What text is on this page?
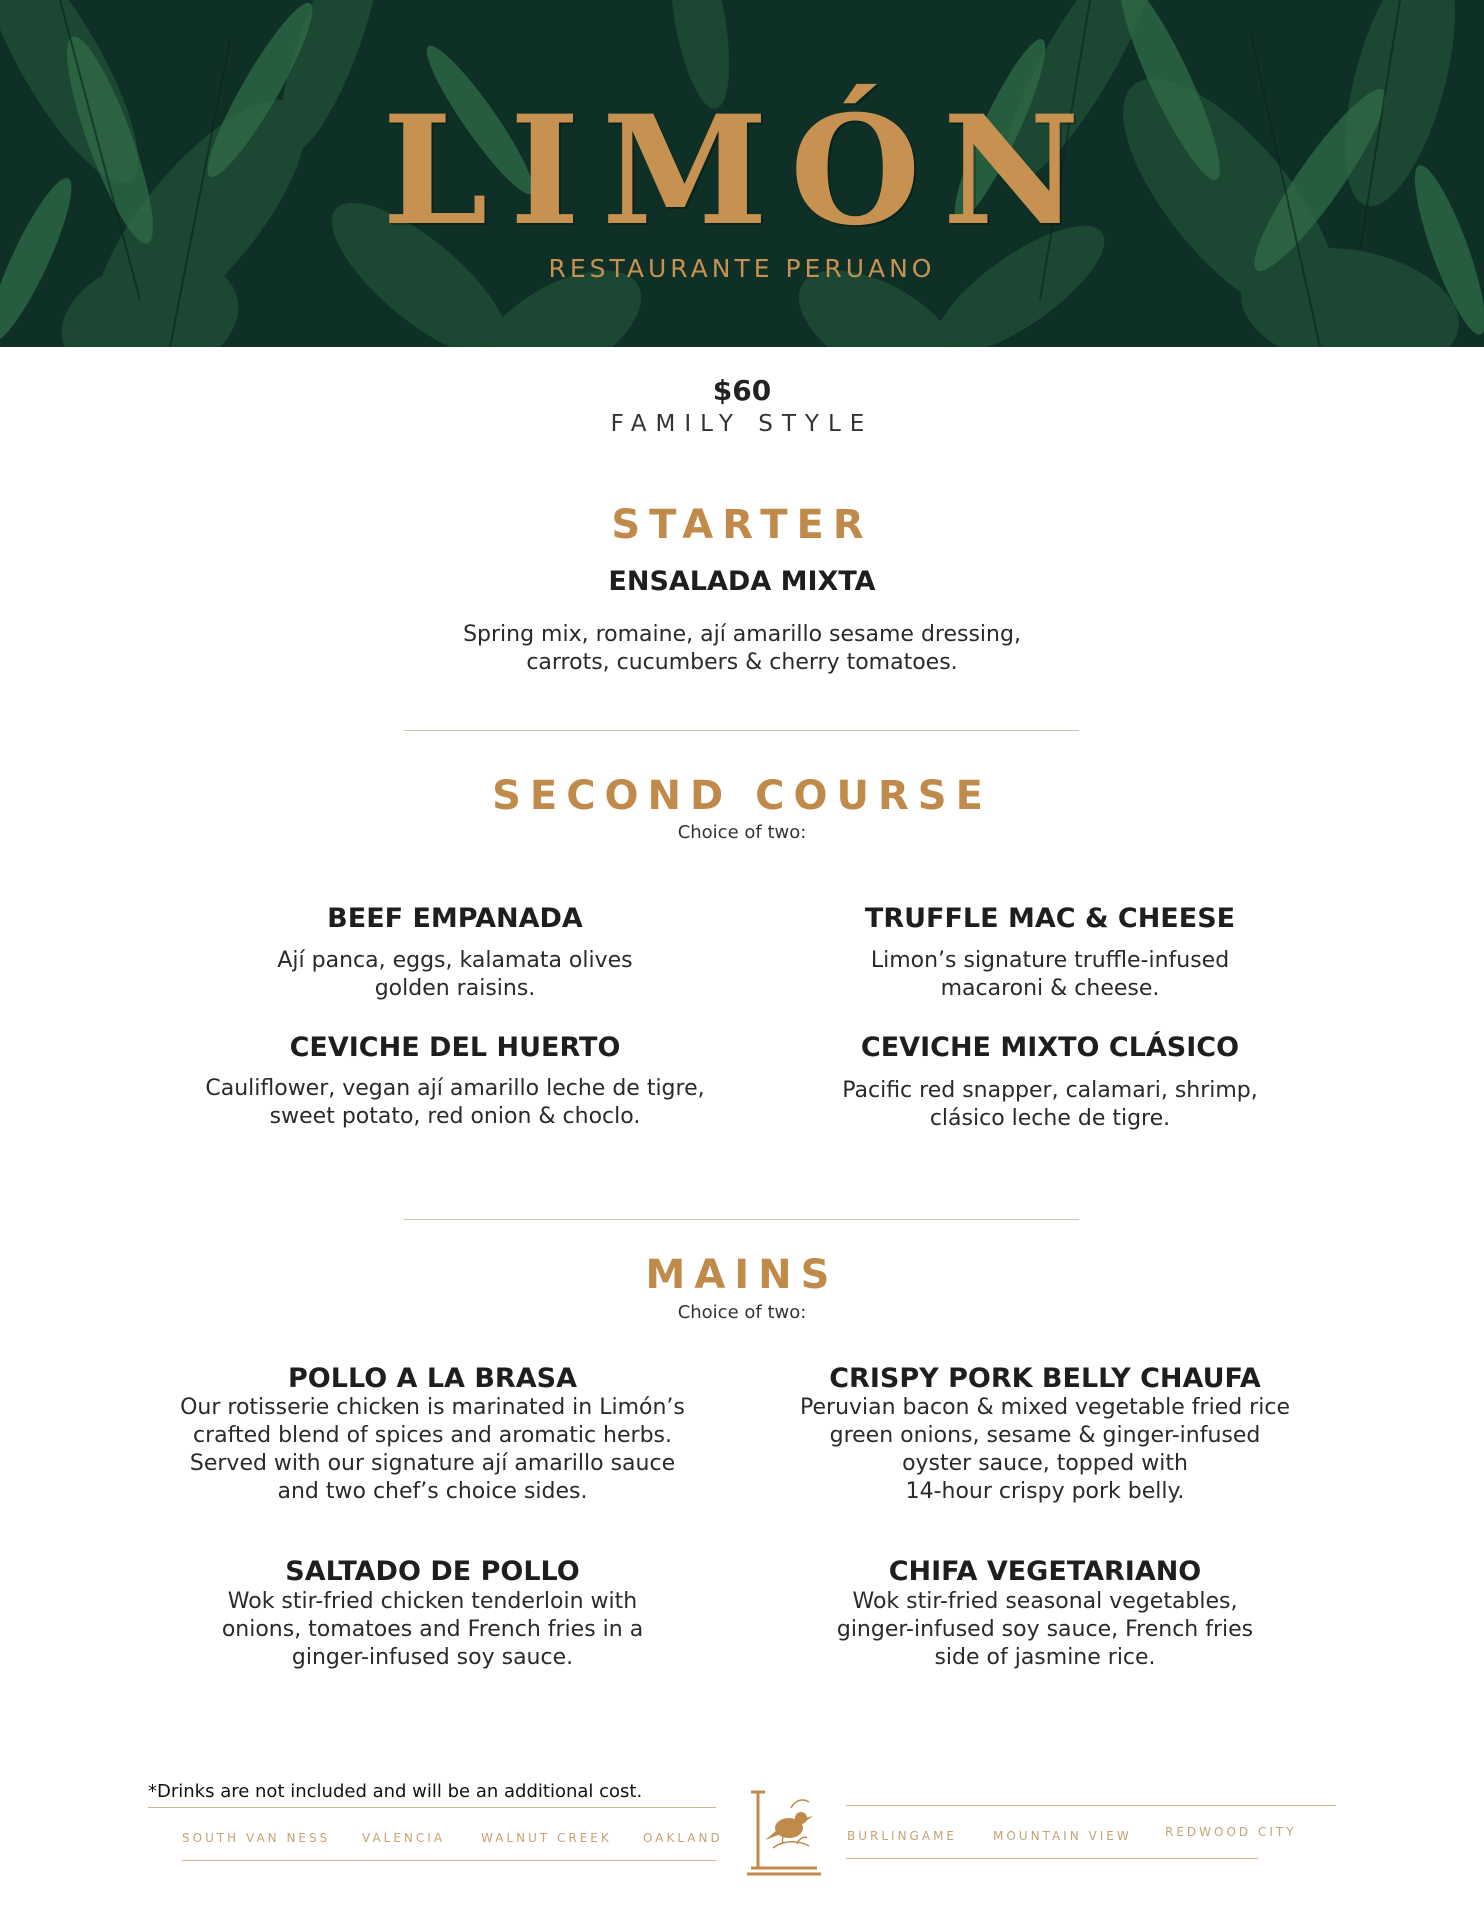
LIMÓN
RESTAURANTE PERUANO
$60
FAMILY STYLE
STARTER
ENSALADA MIXTA
Spring mix, romaine, ají amarillo sesame dressing,
carrots, cucumbers & cherry tomatoes.
SECOND COURSE
Choice of two:
BEEF EMPANADA
Ají panca, eggs, kalamata olives
golden raisins.
TRUFFLE MAC & CHEESE
Limon’s signature truffle-infused
macaroni & cheese.
CEVICHE DEL HUERTO
Cauliflower, vegan ají amarillo leche de tigre,
sweet potato, red onion & choclo.
CEVICHE MIXTO CLÁSICO
Pacific red snapper, calamari, shrimp,
clásico leche de tigre.
MAINS
Choice of two:
POLLO A LA BRASA
Our rotisserie chicken is marinated in Limón’s
crafted blend of spices and aromatic herbs.
Served with our signature ají amarillo sauce
and two chef’s choice sides.
CRISPY PORK BELLY CHAUFA
Peruvian bacon & mixed vegetable fried rice
green onions, sesame & ginger-infused
oyster sauce, topped with
14-hour crispy pork belly.
SALTADO DE POLLO
Wok stir-fried chicken tenderloin with
onions, tomatoes and French fries in a
ginger-infused soy sauce.
CHIFA VEGETARIANO
Wok stir-fried seasonal vegetables,
ginger-infused soy sauce, French fries
side of jasmine rice.
*Drinks are not included and will be an additional cost.
SOUTH VAN NESS	VALENCIA	WALNUT CREEK	OAKLAND	BURLINGAME	MOUNTAIN VIEW	REDWOOD CITY
